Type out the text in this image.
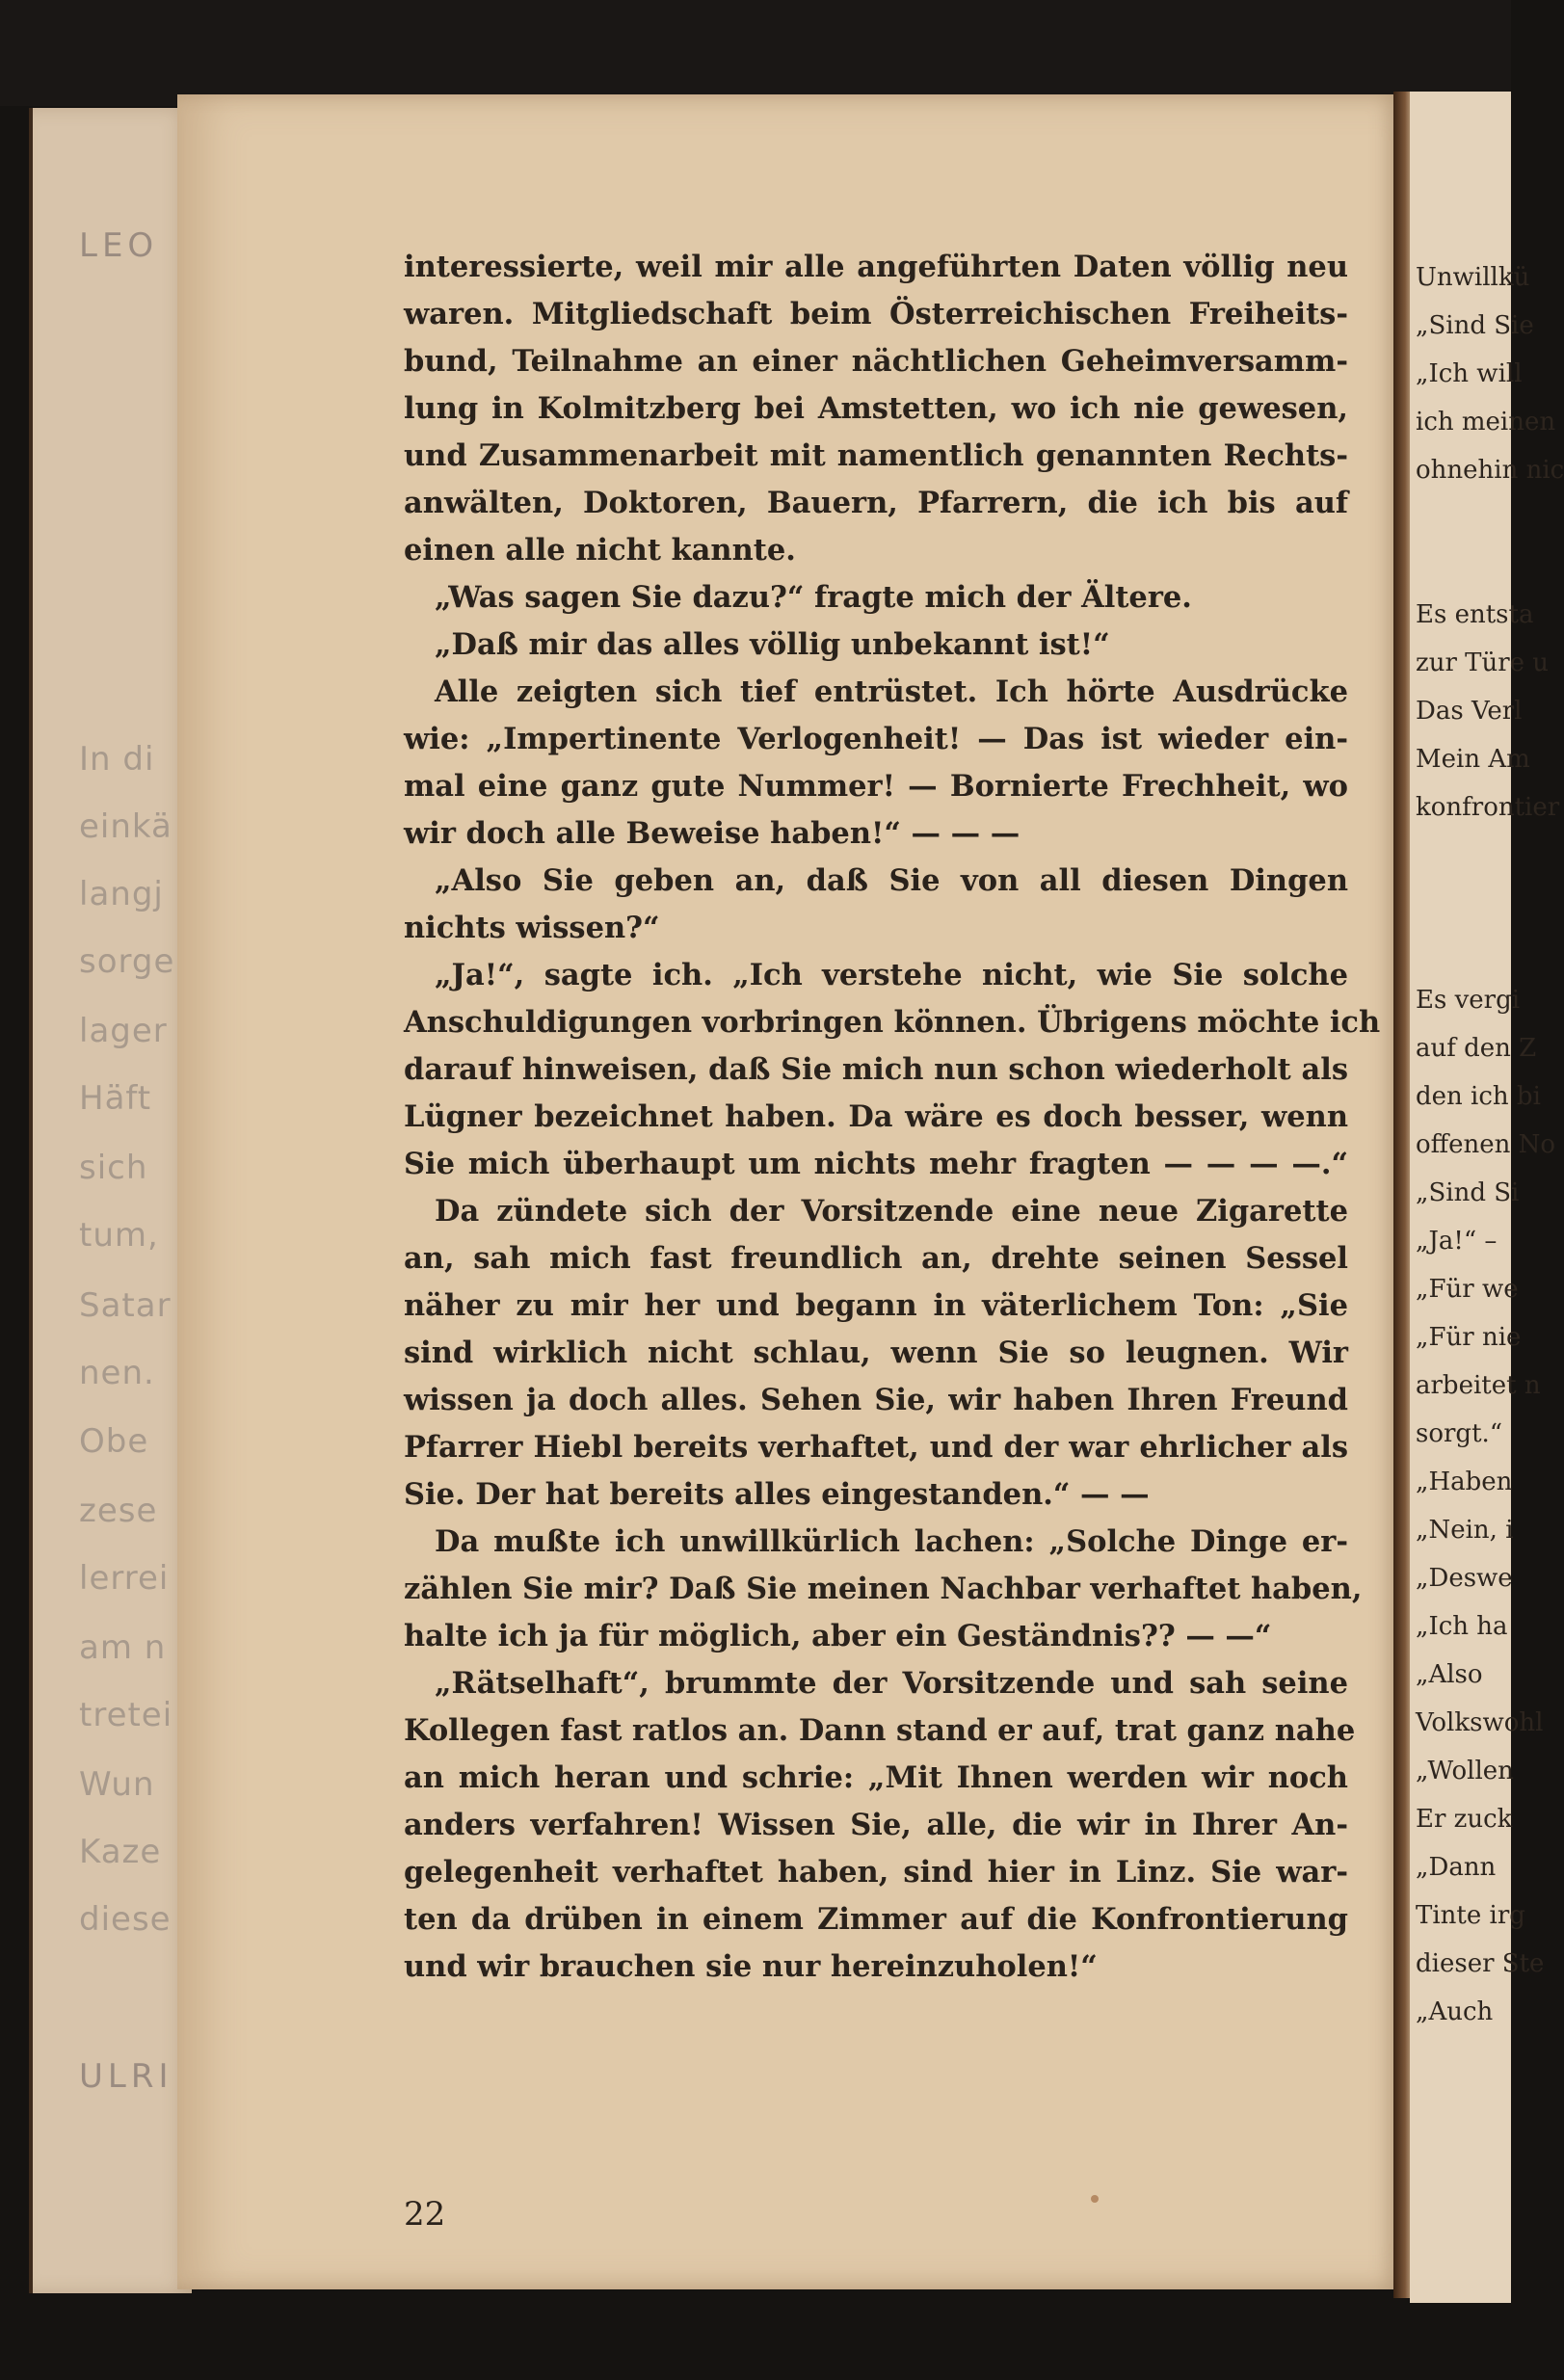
LEO
In di
einkä
langj
sorge
lager
Häft
sich
tum,
Satar
nen.
Obe
zese
lerrei
am n
tretei
Wun
Kaze
diese
ULRI
interessierte, weil mir alle angeführten Daten völlig neu
waren. Mitgliedschaft beim Österreichischen Freiheits-
bund, Teilnahme an einer nächtlichen Geheimversamm-
lung in Kolmitzberg bei Amstetten, wo ich nie gewesen,
und Zusammenarbeit mit namentlich genannten Rechts-
anwälten, Doktoren, Bauern, Pfarrern, die ich bis auf
einen alle nicht kannte.
„Was sagen Sie dazu?“ fragte mich der Ältere.
„Daß mir das alles völlig unbekannt ist!“
Alle zeigten sich tief entrüstet. Ich hörte Ausdrücke
wie: „Impertinente Verlogenheit! — Das ist wieder ein-
mal eine ganz gute Nummer! — Bornierte Frechheit, wo
wir doch alle Beweise haben!“ — — —
„Also Sie geben an, daß Sie von all diesen Dingen
nichts wissen?“
„Ja!“, sagte ich. „Ich verstehe nicht, wie Sie solche
Anschuldigungen vorbringen können. Übrigens möchte ich
darauf hinweisen, daß Sie mich nun schon wiederholt als
Lügner bezeichnet haben. Da wäre es doch besser, wenn
Sie mich überhaupt um nichts mehr fragten — — — —.“
Da zündete sich der Vorsitzende eine neue Zigarette
an, sah mich fast freundlich an, drehte seinen Sessel
näher zu mir her und begann in väterlichem Ton: „Sie
sind wirklich nicht schlau, wenn Sie so leugnen. Wir
wissen ja doch alles. Sehen Sie, wir haben Ihren Freund
Pfarrer Hiebl bereits verhaftet, und der war ehrlicher als
Sie. Der hat bereits alles eingestanden.“ — —
Da mußte ich unwillkürlich lachen: „Solche Dinge er-
zählen Sie mir? Daß Sie meinen Nachbar verhaftet haben,
halte ich ja für möglich, aber ein Geständnis?? — —“
„Rätselhaft“, brummte der Vorsitzende und sah seine
Kollegen fast ratlos an. Dann stand er auf, trat ganz nahe
an mich heran und schrie: „Mit Ihnen werden wir noch
anders verfahren! Wissen Sie, alle, die wir in Ihrer An-
gelegenheit verhaftet haben, sind hier in Linz. Sie war-
ten da drüben in einem Zimmer auf die Konfrontierung
und wir brauchen sie nur hereinzuholen!“
22
Unwillkü
„Sind Sie
„Ich will
ich meinen
ohnehin nic
Es entsta
zur Türe u
Das Verl
Mein Am
konfrontier
Es vergi
auf den Z
den ich bi
offenen No
„Sind Si
„Ja!“ –
„Für we
„Für nie
arbeitet n
sorgt.“
„Haben
„Nein, i
„Deswe
„Ich ha
„Also
Volkswohl
„Wollen
Er zuck
„Dann
Tinte irg
dieser Ste
„Auch
